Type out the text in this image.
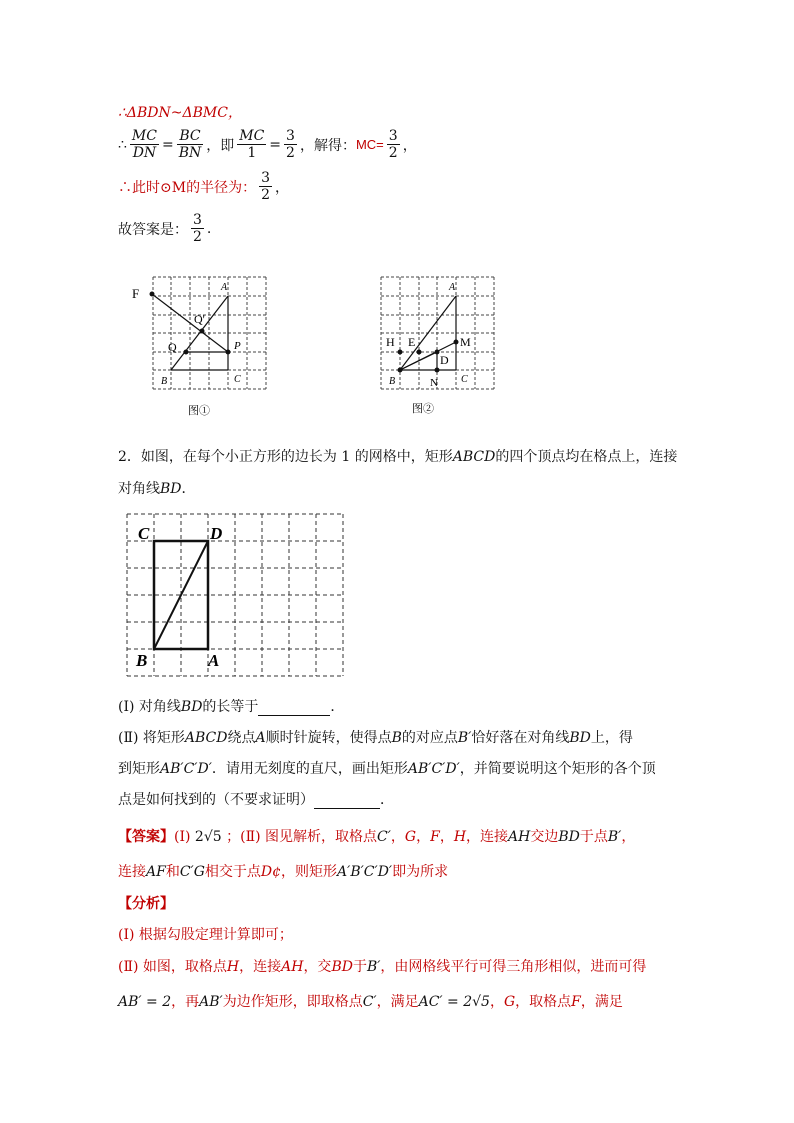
∴ΔBDN~ΔBMC，
∴ $\frac{MC}{DN} = \frac{BC}{BN}$ ，即 $\frac{MC}{1} = \frac{3}{2}$ ，解得： $MC= \frac{3}{2}$ ，
∴此时⊙M的半径为： $\frac{3}{2}$ ，
故答案是： $\frac{3}{2}$ .
F
Q'
Q	P
A
B	C
图①
H E	M
D
A
B	C
N
图②
2．如图，在每个小正方形的边长为 1 的网格中，矩形ABCD的四个顶点均在格点上，连接
对角线BD．
C	D
B	A
(Ⅰ) 对角线BD的长等于	．
(Ⅱ) 将矩形ABCD绕点A顺时针旋转，使得点B的对应点B′恰好落在对角线BD上，得
到矩形AB′C′D′．请用无刻度的直尺，画出矩形AB′C′D′，并简要说明这个矩形的各个顶
点是如何找到的（不要求证明）	．
【答案】(Ⅰ) 2√5 ；(Ⅱ) 图见解析，取格点C′，G，F，H，连接AH交边BD于点B′，
连接AF和C′G相交于点D¢，则矩形A′B′C′D′即为所求
【分析】
(Ⅰ) 根据勾股定理计算即可；
(Ⅱ) 如图，取格点H，连接AH，交BD于B′，由网格线平行可得三角形相似，进而可得
AB′ = 2，再AB′为边作矩形，即取格点C′，满足AC′ = 2√5，G，取格点F，满足
